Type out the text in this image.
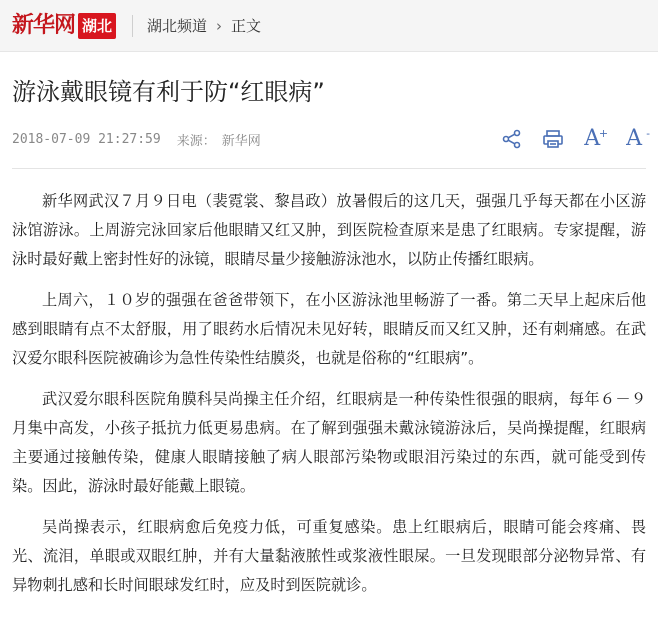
新华网 湖北 湖北频道 › 正文
游泳戴眼镜有利于防“红眼病”
2018-07-09 21:27:59 来源： 新华网	A
+ A -

新华网武汉７月９日电（裴霓裳、黎昌政）放暑假后的这几天，强强几乎每天都在小区游泳馆游泳。上周游完泳回家后他眼睛又红又肿，到医院检查原来是患了红眼病。专家提醒，游泳时最好戴上密封性好的泳镜，眼睛尽量少接触游泳池水，以防止传播红眼病。

上周六，１０岁的强强在爸爸带领下，在小区游泳池里畅游了一番。第二天早上起床后他感到眼睛有点不太舒服，用了眼药水后情况未见好转，眼睛反而又红又肿，还有刺痛感。在武汉爱尔眼科医院被确诊为急性传染性结膜炎，也就是俗称的“红眼病”。

武汉爱尔眼科医院角膜科吴尚操主任介绍，红眼病是一种传染性很强的眼病，每年６－９月集中高发，小孩子抵抗力低更易患病。在了解到强强未戴泳镜游泳后，吴尚操提醒，红眼病主要通过接触传染，健康人眼睛接触了病人眼部污染物或眼泪污染过的东西，就可能受到传染。因此，游泳时最好能戴上眼镜。

吴尚操表示，红眼病愈后免疫力低，可重复感染。患上红眼病后，眼睛可能会疼痛、畏光、流泪，单眼或双眼红肿，并有大量黏液脓性或浆液性眼屎。一旦发现眼部分泌物异常、有异物刺扎感和长时间眼球发红时，应及时到医院就诊。
